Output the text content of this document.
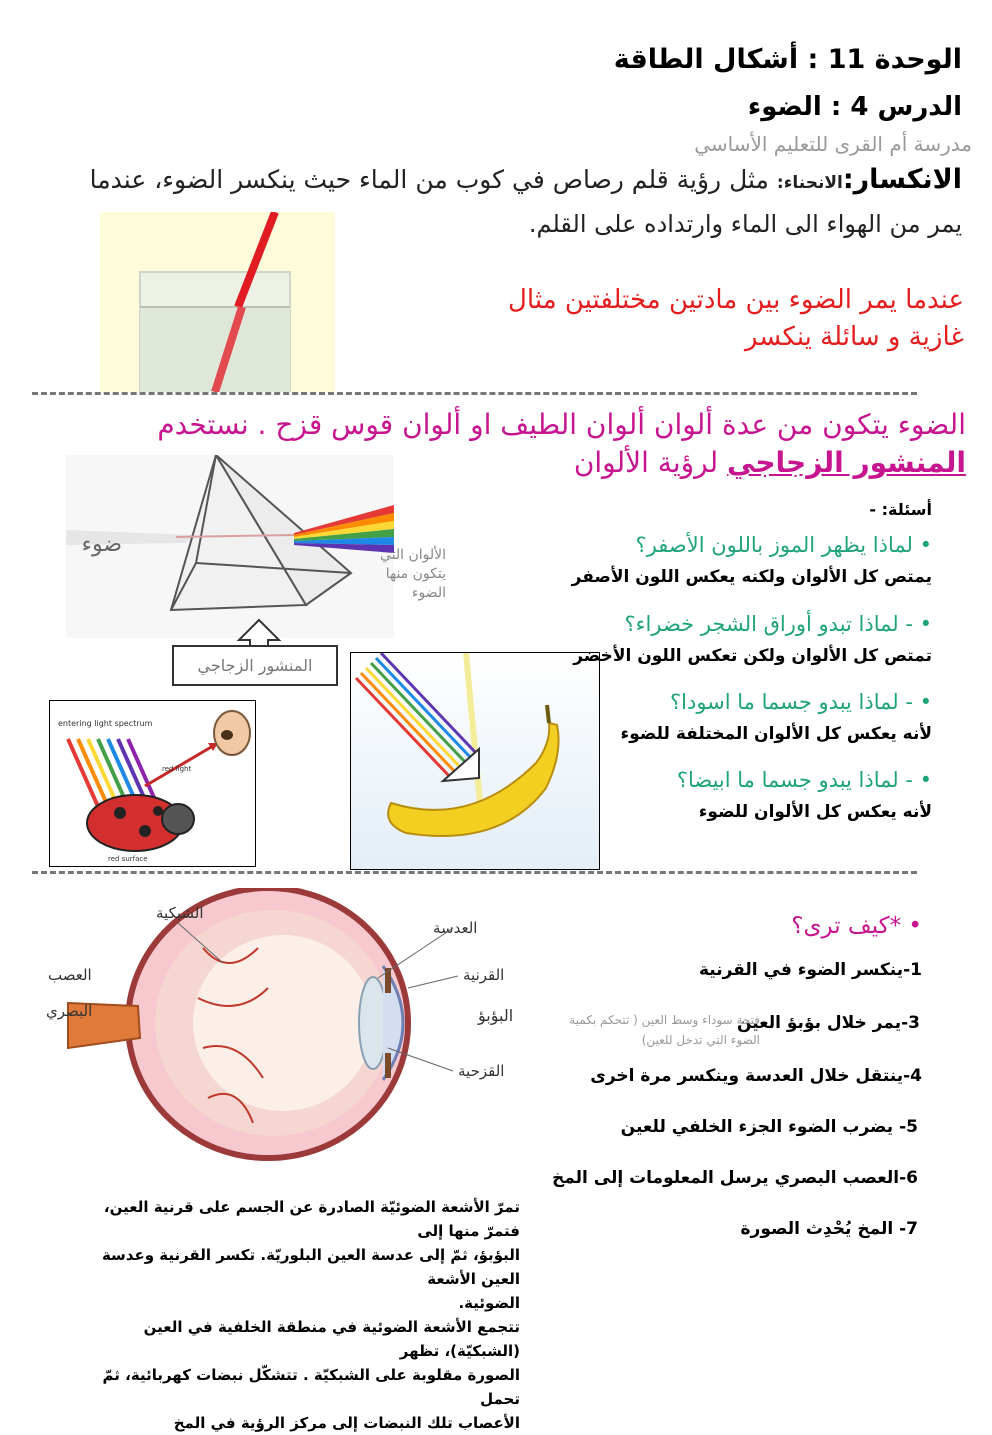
الوحدة 11 : أشكال الطاقة
الدرس 4 : الضوء
مدرسة أم القرى للتعليم الأساسي
الانكسار:الانحناء: مثل رؤية قلم رصاص في كوب من الماء حيث ينكسر الضوء، عندما
يمر من الهواء الى الماء وارتداده على القلم.
عندما يمر الضوء بين مادتين مختلفتين مثال
غازية و سائلة ينكسر
الضوء يتكون من عدة ألوان ألوان الطيف او ألوان قوس قزح . نستخدم
المنشور الزجاجي لرؤية الألوان
ضوء	الألوان التي يتكون منها الضوء
المنشور الزجاجي
entering light spectrum
red light
red surface
أسئلة: -
• لماذا يظهر الموز باللون الأصفر؟
يمتص كل الألوان ولكنه يعكس اللون الأصفر
• - لماذا تبدو أوراق الشجر خضراء؟
تمتص كل الألوان ولكن تعكس اللون الأخضر
• - لماذا يبدو جسما ما اسودا؟
لأنه يعكس كل الألوان المختلفة للضوء
• - لماذا يبدو جسما ما ابيضا؟
لأنه يعكس كل الألوان للضوء
الشبكية
العصب
البصري
العدسة
القرنية
القزحية
البؤبؤ
• *كيف ترى؟
1-ينكسر الضوء في القرنية
3-يمر خلال بؤبؤ العين
فتحة سوداء وسط العين ( تتحكم بكمية الضوء التي تدخل للعين)
4-ينتقل خلال العدسة وينكسر مرة اخرى
5- يضرب الضوء الجزء الخلفي للعين
6-العصب البصري يرسل المعلومات إلى المخ
7- المخ يُحْدِث الصورة
تمرّ الأشعة الضوئيّة الصادرة عن الجسم على قرنية العين، فتمرّ منها إلى
البؤبؤ، ثمّ إلى عدسة العين البلوريّة. تكسر القرنية وعدسة العين الأشعة
الضوئية.
تتجمع الأشعة الضوئية في منطقة الخلفية في العين (الشبكيّة)، تظهر
الصورة مقلوبة على الشبكيّة . تتشكّل نبضات كهربائية، ثمّ تحمل
الأعصاب تلك النبضات إلى مركز الرؤية في المخ
